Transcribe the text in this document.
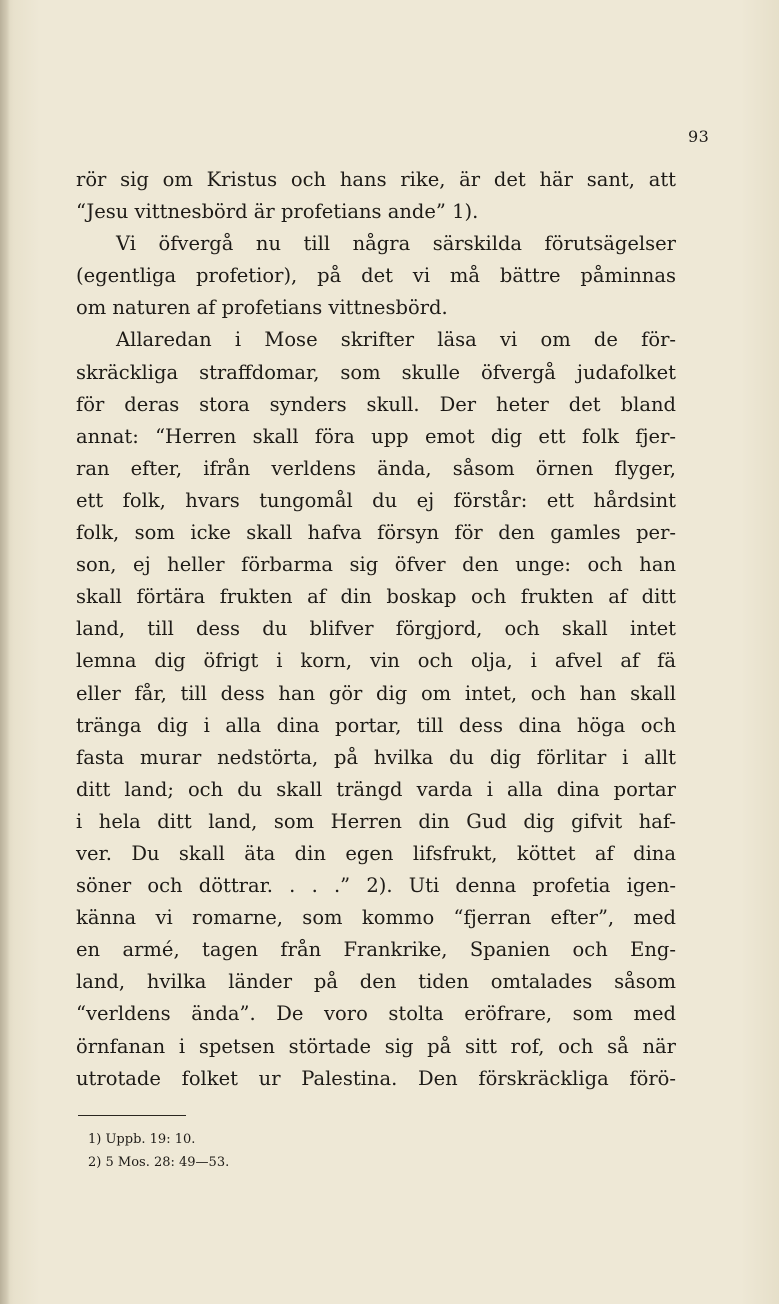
93
rör sig om Kristus och hans rike, är det här sant, att
“Jesu vittnesbörd är profetians ande” 1).
Vi öfvergå nu till några särskilda förutsägelser
(egentliga profetior), på det vi må bättre påminnas
om naturen af profetians vittnesbörd.
Allaredan i Mose skrifter läsa vi om de för-
skräckliga straffdomar, som skulle öfvergå judafolket
för deras stora synders skull. Der heter det bland
annat: “Herren skall föra upp emot dig ett folk fjer-
ran efter, ifrån verldens ända, såsom örnen flyger,
ett folk, hvars tungomål du ej förstår: ett hårdsint
folk, som icke skall hafva försyn för den gamles per-
son, ej heller förbarma sig öfver den unge: och han
skall förtära frukten af din boskap och frukten af ditt
land, till dess du blifver förgjord, och skall intet
lemna dig öfrigt i korn, vin och olja, i afvel af fä
eller får, till dess han gör dig om intet, och han skall
tränga dig i alla dina portar, till dess dina höga och
fasta murar nedstörta, på hvilka du dig förlitar i allt
ditt land; och du skall trängd varda i alla dina portar
i hela ditt land, som Herren din Gud dig gifvit haf-
ver. Du skall äta din egen lifsfrukt, köttet af dina
söner och döttrar. . . .” 2). Uti denna profetia igen-
känna vi romarne, som kommo “fjerran efter”, med
en armé, tagen från Frankrike, Spanien och Eng-
land, hvilka länder på den tiden omtalades såsom
“verldens ända”. De voro stolta eröfrare, som med
örnfanan i spetsen störtade sig på sitt rof, och så när
utrotade folket ur Palestina. Den förskräckliga förö-
1) Uppb. 19: 10.
2) 5 Mos. 28: 49—53.
